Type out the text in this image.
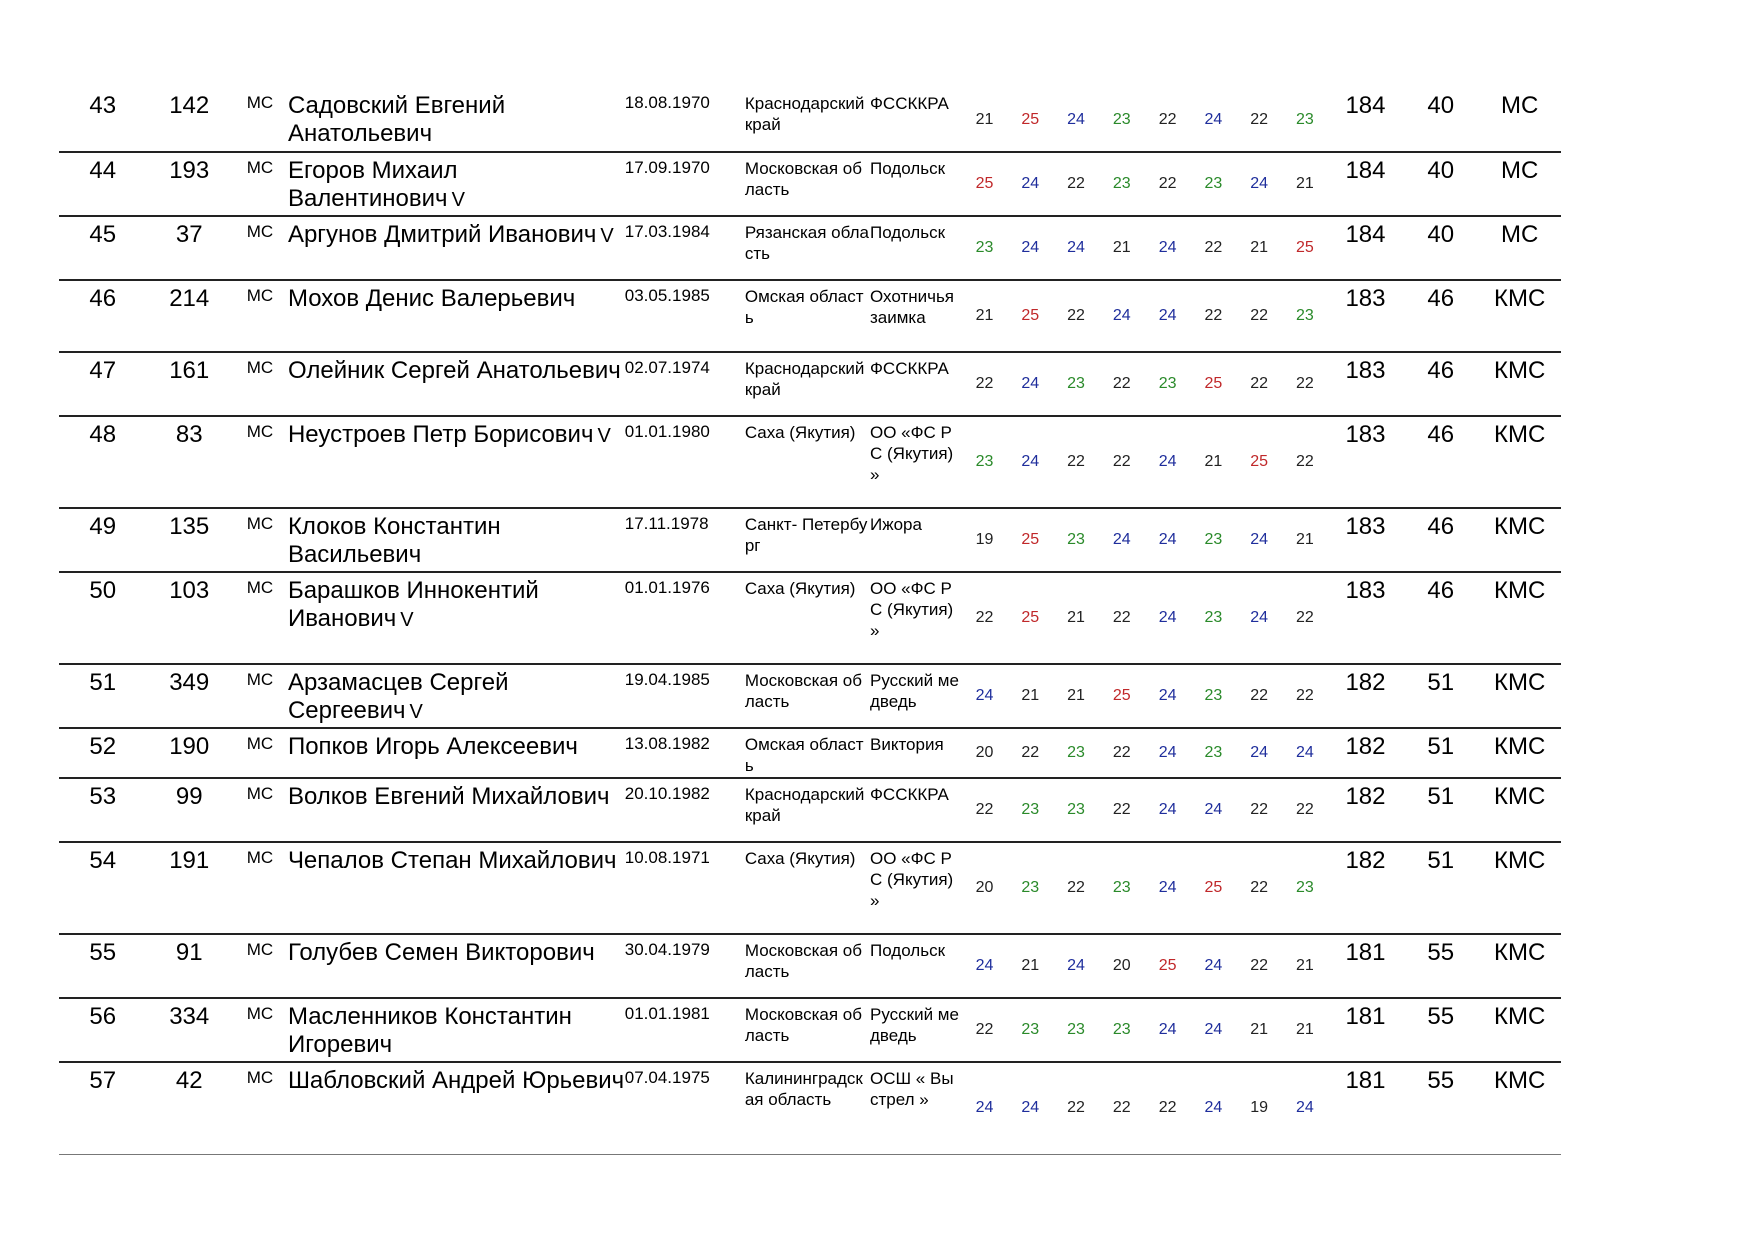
43	142	МС	Садовский Евгений Анатольевич	18.08.1970	Краснодарский край	ФССККРА	21	25	24	23	22	24	22	23	184	40	МС
44	193	МС	Егоров Михаил Валентинович V	17.09.1970	Московская область	Подольск	25	24	22	23	22	23	24	21	184	40	МС
45	37	МС	Аргунов Дмитрий Иванович V	17.03.1984	Рязанская область	Подольск	23	24	24	21	24	22	21	25	184	40	МС
46	214	МС	Мохов Денис Валерьевич	03.05.1985	Омская область	Охотничья заимка	21	25	22	24	24	22	22	23	183	46	КМС
47	161	МС	Олейник Сергей Анатольевич	02.07.1974	Краснодарский край	ФССККРА	22	24	23	22	23	25	22	22	183	46	КМС
48	83	МС	Неустроев Петр Борисович V	01.01.1980	Саха (Якутия)	ОО «ФС РС (Якутия) »	23	24	22	22	24	21	25	22	183	46	КМС
49	135	МС	Клоков Константин Васильевич	17.11.1978	Санкт- Петербург	Ижора	19	25	23	24	24	23	24	21	183	46	КМС
50	103	МС	Барашков Иннокентий Иванович V	01.01.1976	Саха (Якутия)	ОО «ФС РС (Якутия) »	22	25	21	22	24	23	24	22	183	46	КМС
51	349	МС	Арзамасцев Сергей Сергеевич V	19.04.1985	Московская область	Русский медведь	24	21	21	25	24	23	22	22	182	51	КМС
52	190	МС	Попков Игорь Алексеевич	13.08.1982	Омская область	Виктория	20	22	23	22	24	23	24	24	182	51	КМС
53	99	МС	Волков Евгений Михайлович	20.10.1982	Краснодарский край	ФССККРА	22	23	23	22	24	24	22	22	182	51	КМС
54	191	МС	Чепалов Степан Михайлович	10.08.1971	Саха (Якутия)	ОО «ФС РС (Якутия) »	20	23	22	23	24	25	22	23	182	51	КМС
55	91	МС	Голубев Семен Викторович	30.04.1979	Московская область	Подольск	24	21	24	20	25	24	22	21	181	55	КМС
56	334	МС	Масленников Константин Игоревич	01.01.1981	Московская область	Русский медведь	22	23	23	23	24	24	21	21	181	55	КМС
57	42	МС	Шабловский Андрей Юрьевич	07.04.1975	Калининградская область	ОСШ « Выстрел »	24	24	22	22	22	24	19	24	181	55	КМС
